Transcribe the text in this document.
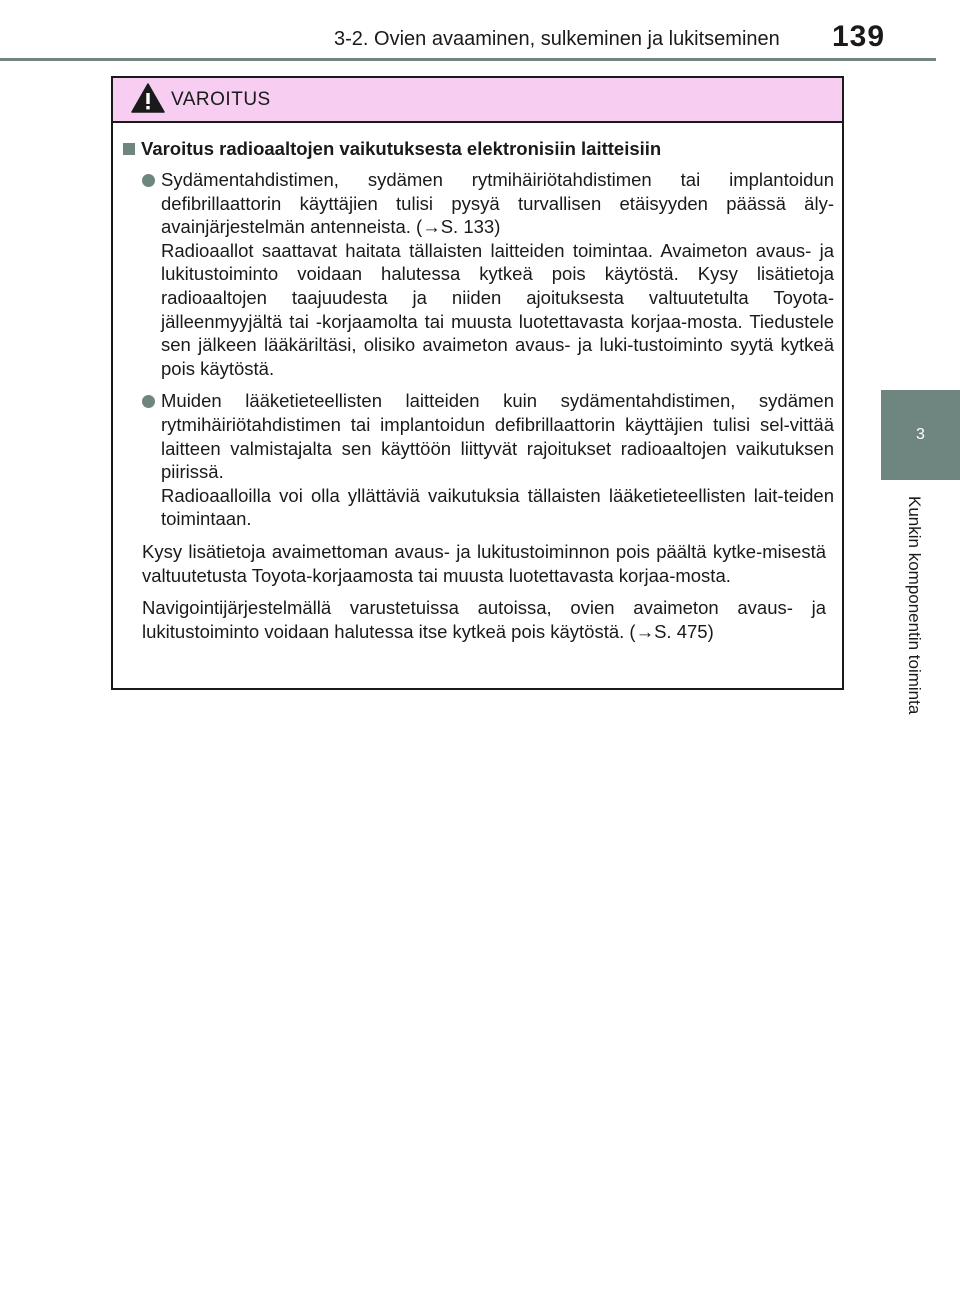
3-2. Ovien avaaminen, sulkeminen ja lukitseminen 139
3
Kunkin komponentin toiminta
VAROITUS
Varoitus radioaaltojen vaikutuksesta elektronisiin laitteisiin

Sydämentahdistimen, sydämen rytmihäiriötahdistimen tai implantoidun defibrillaattorin käyttäjien tulisi pysyä turvallisen etäisyyden päässä äly-avainjärjestelmän antenneista. (→S. 133)

Radioaallot saattavat haitata tällaisten laitteiden toimintaa. Avaimeton avaus- ja lukitustoiminto voidaan halutessa kytkeä pois käytöstä. Kysy lisätietoja radioaaltojen taajuudesta ja niiden ajoituksesta valtuutetulta Toyota-jälleenmyyjältä tai -korjaamolta tai muusta luotettavasta korjaa-mosta. Tiedustele sen jälkeen lääkäriltäsi, olisiko avaimeton avaus- ja luki-tustoiminto syytä kytkeä pois käytöstä.

Muiden lääketieteellisten laitteiden kuin sydämentahdistimen, sydämen rytmihäiriötahdistimen tai implantoidun defibrillaattorin käyttäjien tulisi sel-vittää laitteen valmistajalta sen käyttöön liittyvät rajoitukset radioaaltojen vaikutuksen piirissä.

Radioaalloilla voi olla yllättäviä vaikutuksia tällaisten lääketieteellisten lait-teiden toimintaan.

Kysy lisätietoja avaimettoman avaus- ja lukitustoiminnon pois päältä kytke-misestä valtuutetusta Toyota-korjaamosta tai muusta luotettavasta korjaa-mosta.

Navigointijärjestelmällä varustetuissa autoissa, ovien avaimeton avaus- ja lukitustoiminto voidaan halutessa itse kytkeä pois käytöstä. (→S. 475)
